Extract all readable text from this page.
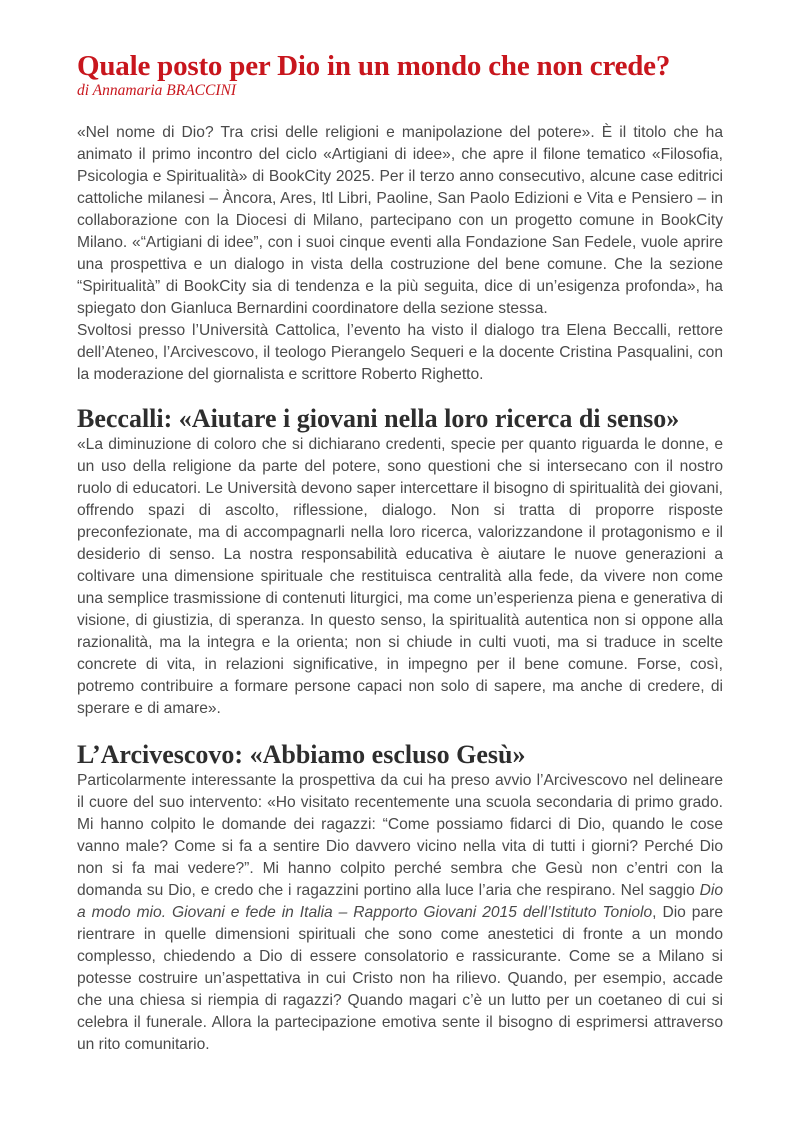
Quale posto per Dio in un mondo che non crede?
di Annamaria BRACCINI

«Nel nome di Dio? Tra crisi delle religioni e manipolazione del potere». È il titolo che ha animato il primo incontro del ciclo «Artigiani di idee», che apre il filone tematico «Filosofia, Psicologia e Spiritualità» di BookCity 2025. Per il terzo anno consecutivo, alcune case editrici cattoliche milanesi – Àncora, Ares, Itl Libri, Paoline, San Paolo Edizioni e Vita e Pensiero – in collaborazione con la Diocesi di Milano, partecipano con un progetto comune in BookCity Milano. «“Artigiani di idee”, con i suoi cinque eventi alla Fondazione San Fedele, vuole aprire una prospettiva e un dialogo in vista della costruzione del bene comune. Che la sezione “Spiritualità” di BookCity sia di tendenza e la più seguita, dice di un’esigenza profonda», ha spiegato don Gianluca Bernardini coordinatore della sezione stessa.

Svoltosi presso l’Università Cattolica, l’evento ha visto il dialogo tra Elena Beccalli, rettore dell’Ateneo, l’Arcivescovo, il teologo Pierangelo Sequeri e la docente Cristina Pasqualini, con la moderazione del giornalista e scrittore Roberto Righetto.

Beccalli: «Aiutare i giovani nella loro ricerca di senso»

«La diminuzione di coloro che si dichiarano credenti, specie per quanto riguarda le donne, e un uso della religione da parte del potere, sono questioni che si intersecano con il nostro ruolo di educatori. Le Università devono saper intercettare il bisogno di spiritualità dei giovani, offrendo spazi di ascolto, riflessione, dialogo. Non si tratta di proporre risposte preconfezionate, ma di accompagnarli nella loro ricerca, valorizzandone il protagonismo e il desiderio di senso. La nostra responsabilità educativa è aiutare le nuove generazioni a coltivare una dimensione spirituale che restituisca centralità alla fede, da vivere non come una semplice trasmissione di contenuti liturgici, ma come un’esperienza piena e generativa di visione, di giustizia, di speranza. In questo senso, la spiritualità autentica non si oppone alla razionalità, ma la integra e la orienta; non si chiude in culti vuoti, ma si traduce in scelte concrete di vita, in relazioni significative, in impegno per il bene comune. Forse, così, potremo contribuire a formare persone capaci non solo di sapere, ma anche di credere, di sperare e di amare».

L’Arcivescovo: «Abbiamo escluso Gesù»

Particolarmente interessante la prospettiva da cui ha preso avvio l’Arcivescovo nel delineare il cuore del suo intervento: «Ho visitato recentemente una scuola secondaria di primo grado. Mi hanno colpito le domande dei ragazzi: “Come possiamo fidarci di Dio, quando le cose vanno male? Come si fa a sentire Dio davvero vicino nella vita di tutti i giorni? Perché Dio non si fa mai vedere?”. Mi hanno colpito perché sembra che Gesù non c’entri con la domanda su Dio, e credo che i ragazzini portino alla luce l’aria che respirano. Nel saggio Dio a modo mio. Giovani e fede in Italia – Rapporto Giovani 2015 dell’Istituto Toniolo, Dio pare rientrare in quelle dimensioni spirituali che sono come anestetici di fronte a un mondo complesso, chiedendo a Dio di essere consolatorio e rassicurante. Come se a Milano si potesse costruire un’aspettativa in cui Cristo non ha rilievo. Quando, per esempio, accade che una chiesa si riempia di ragazzi? Quando magari c’è un lutto per un coetaneo di cui si celebra il funerale. Allora la partecipazione emotiva sente il bisogno di esprimersi attraverso un rito comunitario.
